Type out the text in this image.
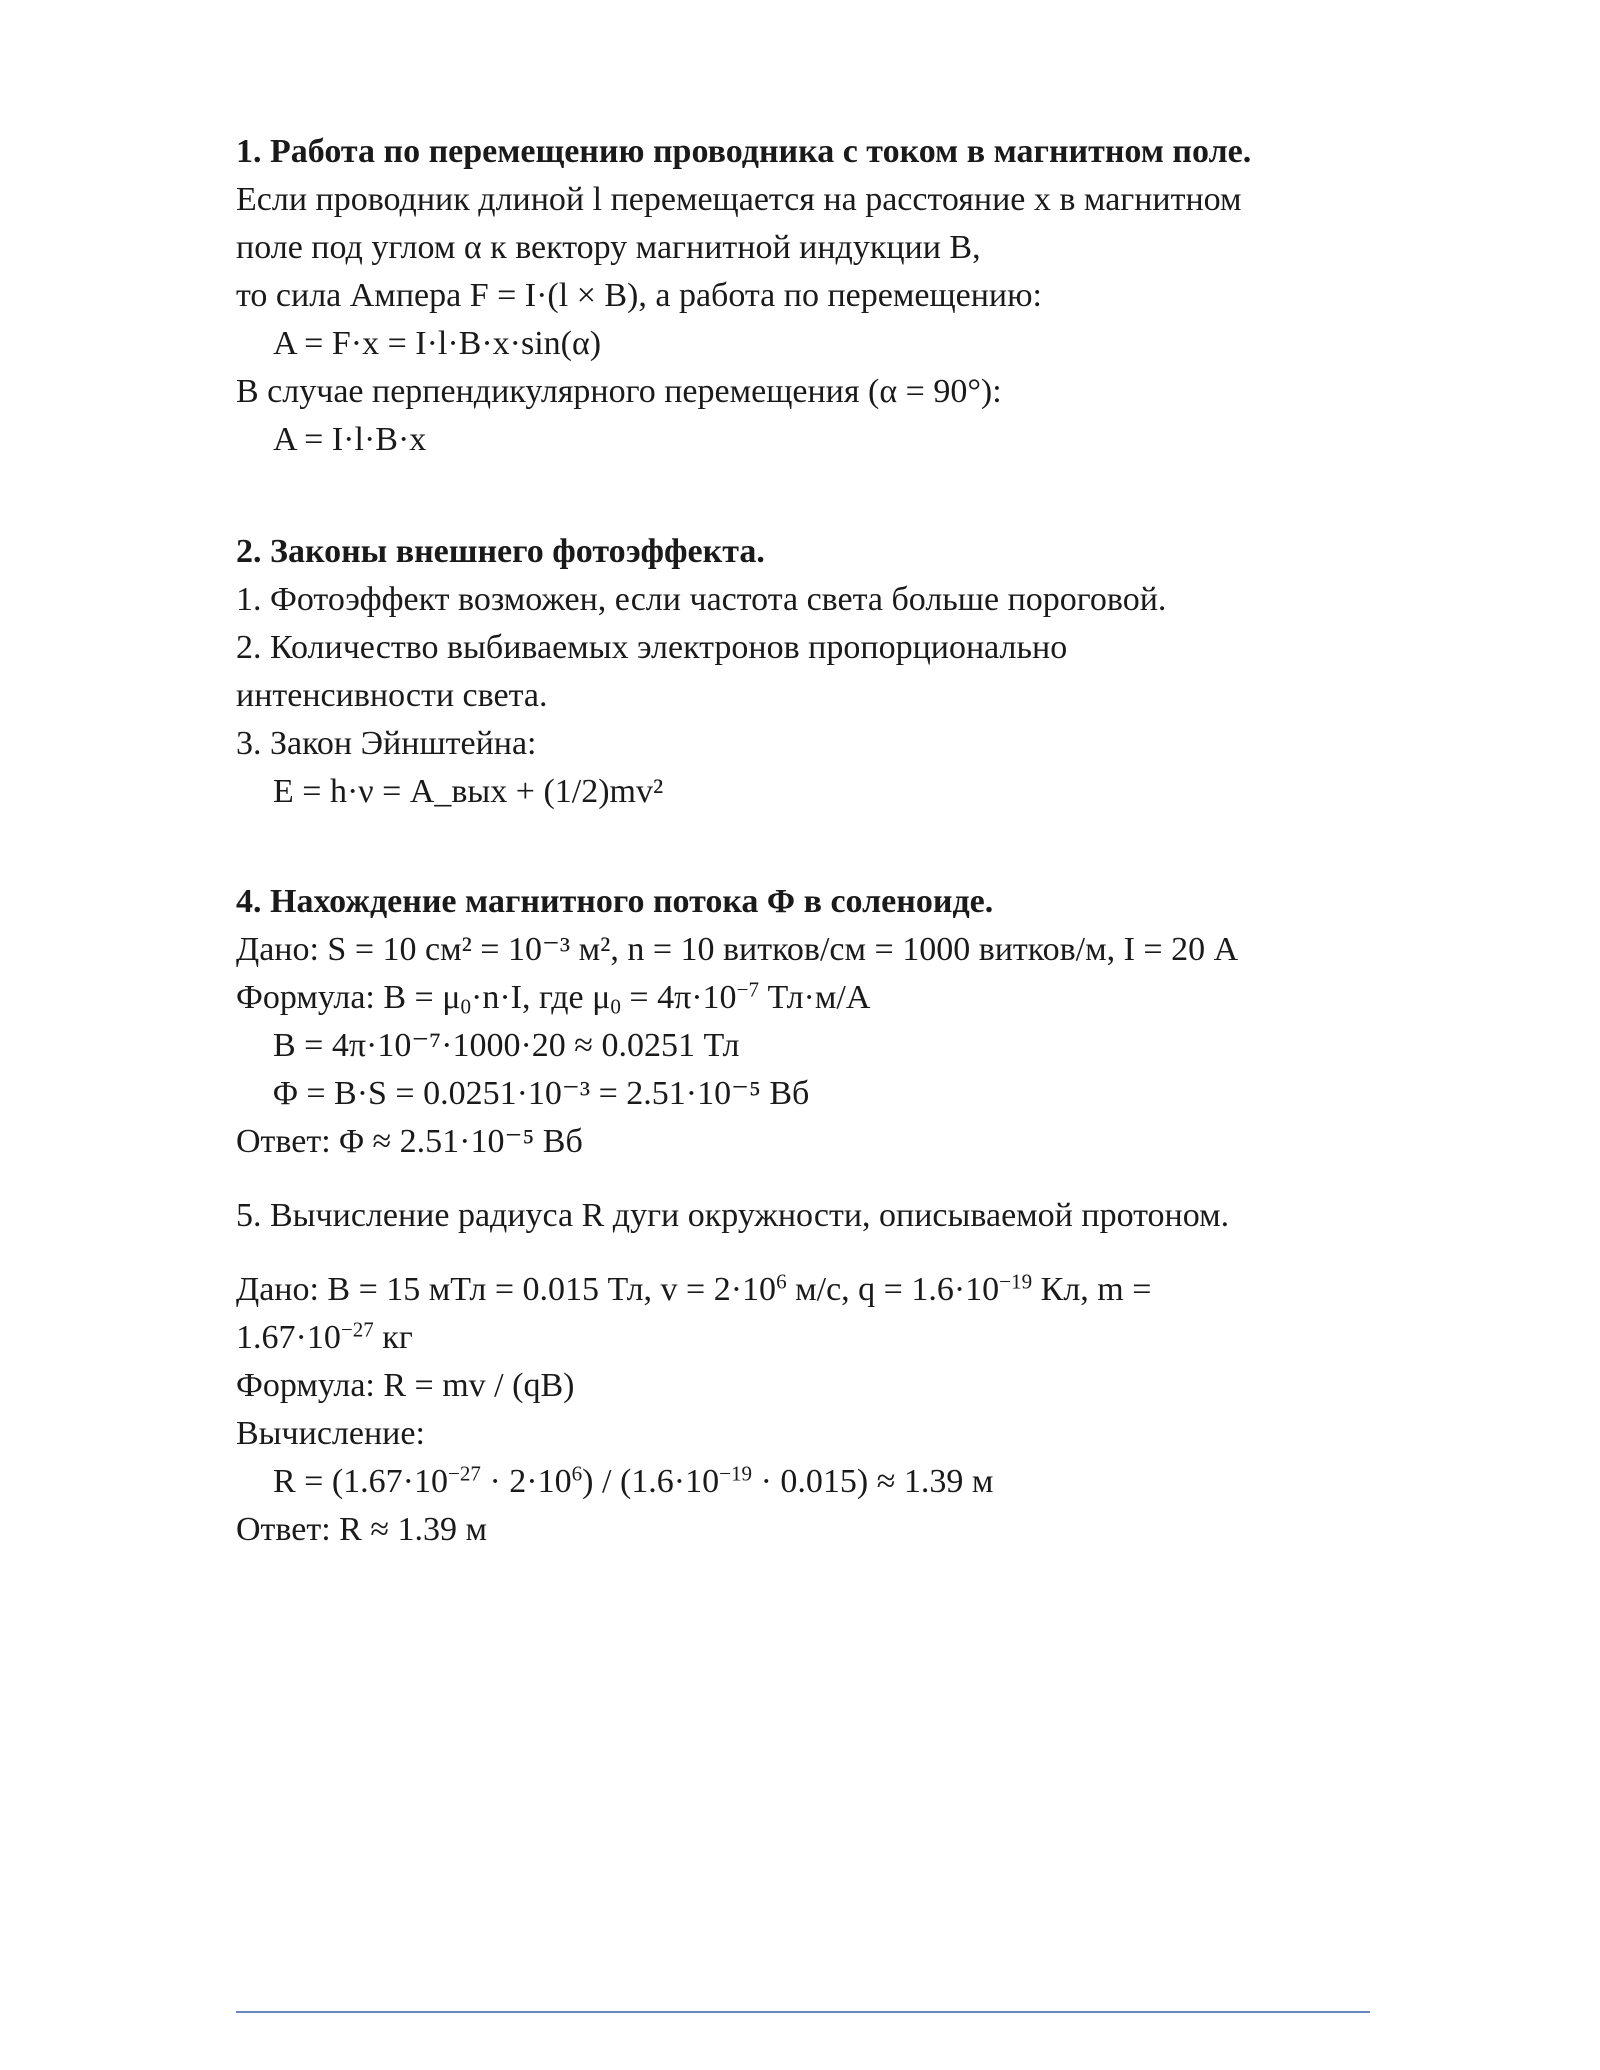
1. Работа по перемещению проводника с током в магнитном поле.
Если проводник длиной l перемещается на расстояние x в магнитном
поле под углом α к вектору магнитной индукции B,
то сила Ампера F = I·(l × B), а работа по перемещению:
A = F·x = I·l·B·x·sin(α)
В случае перпендикулярного перемещения (α = 90°):
A = I·l·B·x
2. Законы внешнего фотоэффекта.
1. Фотоэффект возможен, если частота света больше пороговой.
2. Количество выбиваемых электронов пропорционально
интенсивности света.
3. Закон Эйнштейна:
E = h·ν = A_вых + (1/2)mv²
4. Нахождение магнитного потока Φ в соленоиде.
Дано: S = 10 см² = 10⁻³ м², n = 10 витков/см = 1000 витков/м, I = 20 А
Формула: $B = \mu_0\cdot n\cdot I$, где $\mu_0 = 4\pi\cdot 10^{-7}$ Тл·м/А
B = 4π·10⁻⁷·1000·20 ≈ 0.0251 Тл
Φ = B·S = 0.0251·10⁻³ = 2.51·10⁻⁵ Вб
Ответ: Φ ≈ 2.51·10⁻⁵ Вб
5. Вычисление радиуса R дуги окружности, описываемой протоном.
Дано: B = 15 мТл = 0.015 Тл, $v = 2\cdot 10^6$ м/с, $q = 1.6\cdot 10^{-19}$ Кл, m =
$1.67\cdot 10^{-27}$ кг
Формула: R = mv / (qB)
Вычисление:
$R = (1.67\cdot 10^{-27} \cdot 2\cdot 10^6) / (1.6\cdot 10^{-19} \cdot 0.015) \approx 1.39$ м
Ответ: R ≈ 1.39 м
